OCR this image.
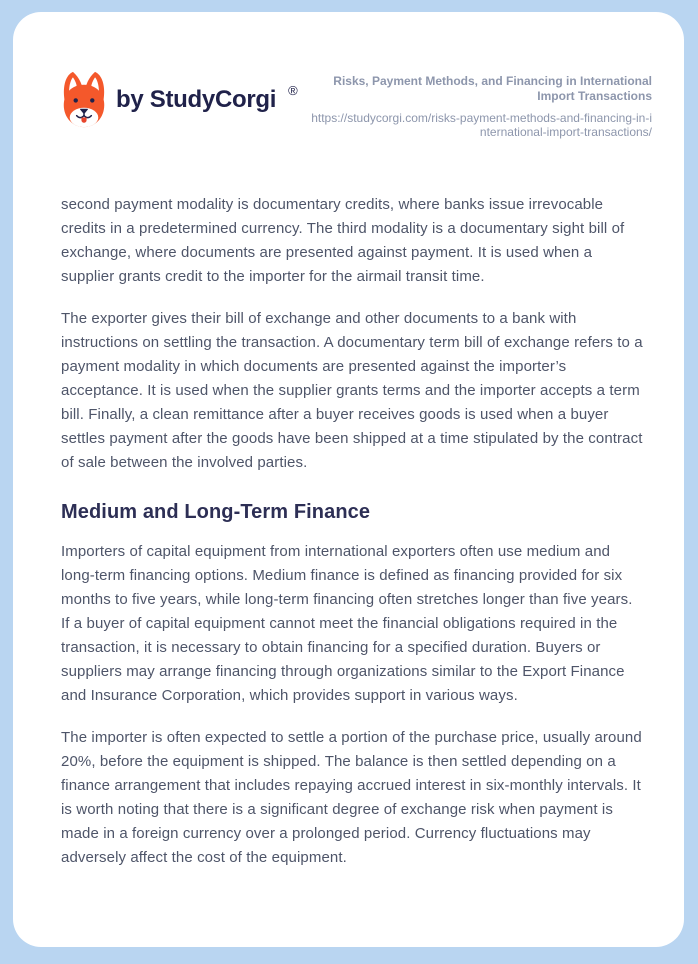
by StudyCorgi ®

Risks, Payment Methods, and Financing in International Import Transactions

https://studycorgi.com/risks-payment-methods-and-financing-in-international-import-transactions/

second payment modality is documentary credits, where banks issue irrevocable credits in a predetermined currency. The third modality is a documentary sight bill of exchange, where documents are presented against payment. It is used when a supplier grants credit to the importer for the airmail transit time.

The exporter gives their bill of exchange and other documents to a bank with instructions on settling the transaction. A documentary term bill of exchange refers to a payment modality in which documents are presented against the importer’s acceptance. It is used when the supplier grants terms and the importer accepts a term bill. Finally, a clean remittance after a buyer receives goods is used when a buyer settles payment after the goods have been shipped at a time stipulated by the contract of sale between the involved parties.

Medium and Long-Term Finance

Importers of capital equipment from international exporters often use medium and long-term financing options. Medium finance is defined as financing provided for six months to five years, while long-term financing often stretches longer than five years. If a buyer of capital equipment cannot meet the financial obligations required in the transaction, it is necessary to obtain financing for a specified duration. Buyers or suppliers may arrange financing through organizations similar to the Export Finance and Insurance Corporation, which provides support in various ways.

The importer is often expected to settle a portion of the purchase price, usually around 20%, before the equipment is shipped. The balance is then settled depending on a finance arrangement that includes repaying accrued interest in six-monthly intervals. It is worth noting that there is a significant degree of exchange risk when payment is made in a foreign currency over a prolonged period. Currency fluctuations may adversely affect the cost of the equipment.
